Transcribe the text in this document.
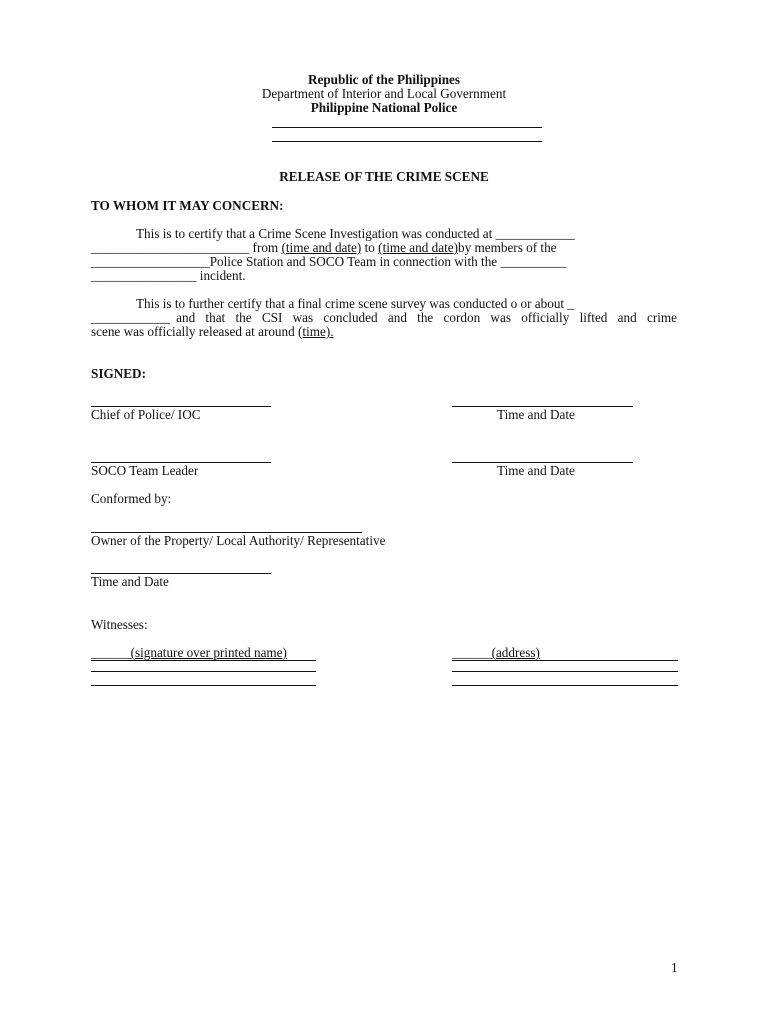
Republic of the Philippines
Department of Interior and Local Government
Philippine National Police
RELEASE OF THE CRIME SCENE
TO WHOM IT MAY CONCERN:
This is to certify that a Crime Scene Investigation was conducted at ____________
________________________ from (time and date) to (time and date)by members of the
__________________Police Station and SOCO Team in connection with the __________
________________ incident.
This is to further certify that a final crime scene survey was conducted o or about _
____________ and that the CSI was concluded and the cordon was officially lifted and crime
scene was officially released at around (time).
SIGNED:
Chief of Police/ IOC	Time and Date
SOCO Team Leader	Time and Date
Conformed by:
Owner of the Property/ Local Authority/ Representative
Time and Date
Witnesses:
______(signature over printed name)	______(address)
1
